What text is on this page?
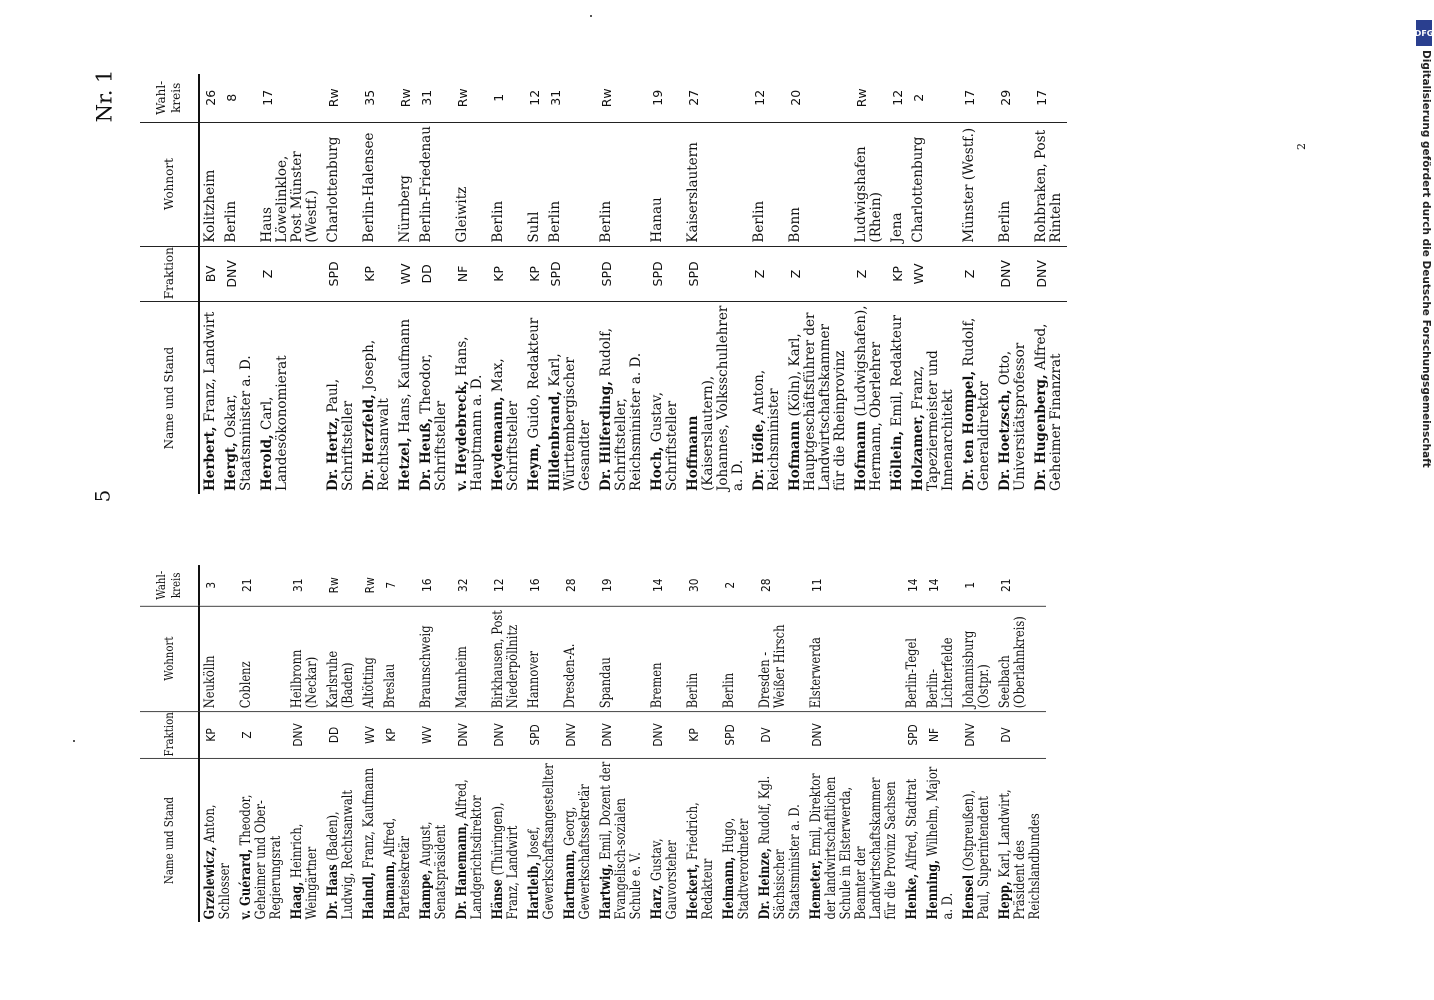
5
Nr. 1
2
DFG
Digitalisierung gefördert durch die Deutsche Forschungsgemeinschaft
Name und Stand	Fraktion	Wohnort	Wahl-kreis
Grzelewicz, Anton, Schlosser	KP	Neukölln	3
v. Guérard, Theodor, Geheimer und Ober-Regierungsrat	Z	Coblenz	21
Haag, Heinrich, Weingärtner	DNV	Heilbronn (Neckar)	31
Dr. Haas (Baden), Ludwig, Rechtsanwalt	DD	Karlsruhe (Baden)	Rw
Haindl, Franz, Kaufmann	WV	Altötting	Rw
Hamann, Alfred, Parteisekretär	KP	Breslau	7
Hampe, August, Senatspräsident	WV	Braunschweig	16
Dr. Hanemann, Alfred, Landgerichtsdirektor	DNV	Mannheim	32
Hänse (Thüringen), Franz, Landwirt	DNV	Birkhausen, Post Niederpöllnitz	12
Hartleib, Josef, Gewerkschaftsangestellter	SPD	Hannover	16
Hartmann, Georg, Gewerkschaftssekretär	DNV	Dresden-A.	28
Hartwig, Emil, Dozent der Evangelisch-sozialen Schule e. V.	DNV	Spandau	19
Harz, Gustav, Gauvorsteher	DNV	Bremen	14
Heckert, Friedrich, Redakteur	KP	Berlin	30
Heimann, Hugo, Stadtverordneter	SPD	Berlin	2
Dr. Heinze, Rudolf, Kgl. Sächsischer Staatsminister a. D.	DV	Dresden - Weißer Hirsch	28
Hemeter, Emil, Direktor der landwirtschaftlichen Schule in Elsterwerda, Beamter der Landwirtschaftskammer für die Provinz Sachsen	DNV	Elsterwerda	11
Henke, Alfred, Stadtrat	SPD	Berlin-Tegel	14
Henning, Wilhelm, Major a. D.	NF	Berlin-Lichterfelde	14
Hensel (Ostpreußen), Paul, Superintendent	DNV	Johannisburg (Ostpr.)	1
Hepp, Karl, Landwirt, Präsident des Reichslandbundes	DV	Seelbach (Oberlahnkreis)	21
Name und Stand	Fraktion	Wohnort	Wahl-kreis
Herbert, Franz, Landwirt	BV	Kolitzheim	26
Hergt, Oskar, Staatsminister a. D.	DNV	Berlin	8
Herold, Carl, Landesökonomierat	Z	Haus Löwelinkloe, Post Münster (Westf.)	17
Dr. Hertz, Paul, Schriftsteller	SPD	Charlottenburg	Rw
Dr. Herzfeld, Joseph, Rechtsanwalt	KP	Berlin-Halensee	35
Hetzel, Hans, Kaufmann	WV	Nürnberg	Rw
Dr. Heuß, Theodor, Schriftsteller	DD	Berlin-Friedenau	31
v. Heydebreck, Hans, Hauptmann a. D.	NF	Gleiwitz	Rw
Heydemann, Max, Schriftsteller	KP	Berlin	1
Heym, Guido, Redakteur	KP	Suhl	12
Hildenbrand, Karl, Württembergischer Gesandter	SPD	Berlin	31
Dr. Hilferding, Rudolf, Schriftsteller, Reichsminister a. D.	SPD	Berlin	Rw
Hoch, Gustav, Schriftsteller	SPD	Hanau	19
Hoffmann (Kaiserslautern), Johannes, Volksschullehrer a. D.	SPD	Kaiserslautern	27
Dr. Höfle, Anton, Reichsminister	Z	Berlin	12
Hofmann (Köln), Karl, Hauptgeschäftsführer der Landwirtschaftskammer für die Rheinprovinz	Z	Bonn	20
Hofmann (Ludwigshafen), Hermann, Oberlehrer	Z	Ludwigshafen (Rhein)	Rw
Höllein, Emil, Redakteur	KP	Jena	12
Holzamer, Franz, Tapeziermeister und Innenarchitekt	WV	Charlottenburg	2
Dr. ten Hompel, Rudolf, Generaldirektor	Z	Münster (Westf.)	17
Dr. Hoetzsch, Otto, Universitätsprofessor	DNV	Berlin	29
Dr. Hugenberg, Alfred, Geheimer Finanzrat	DNV	Rohbraken, Post Rinteln	17
